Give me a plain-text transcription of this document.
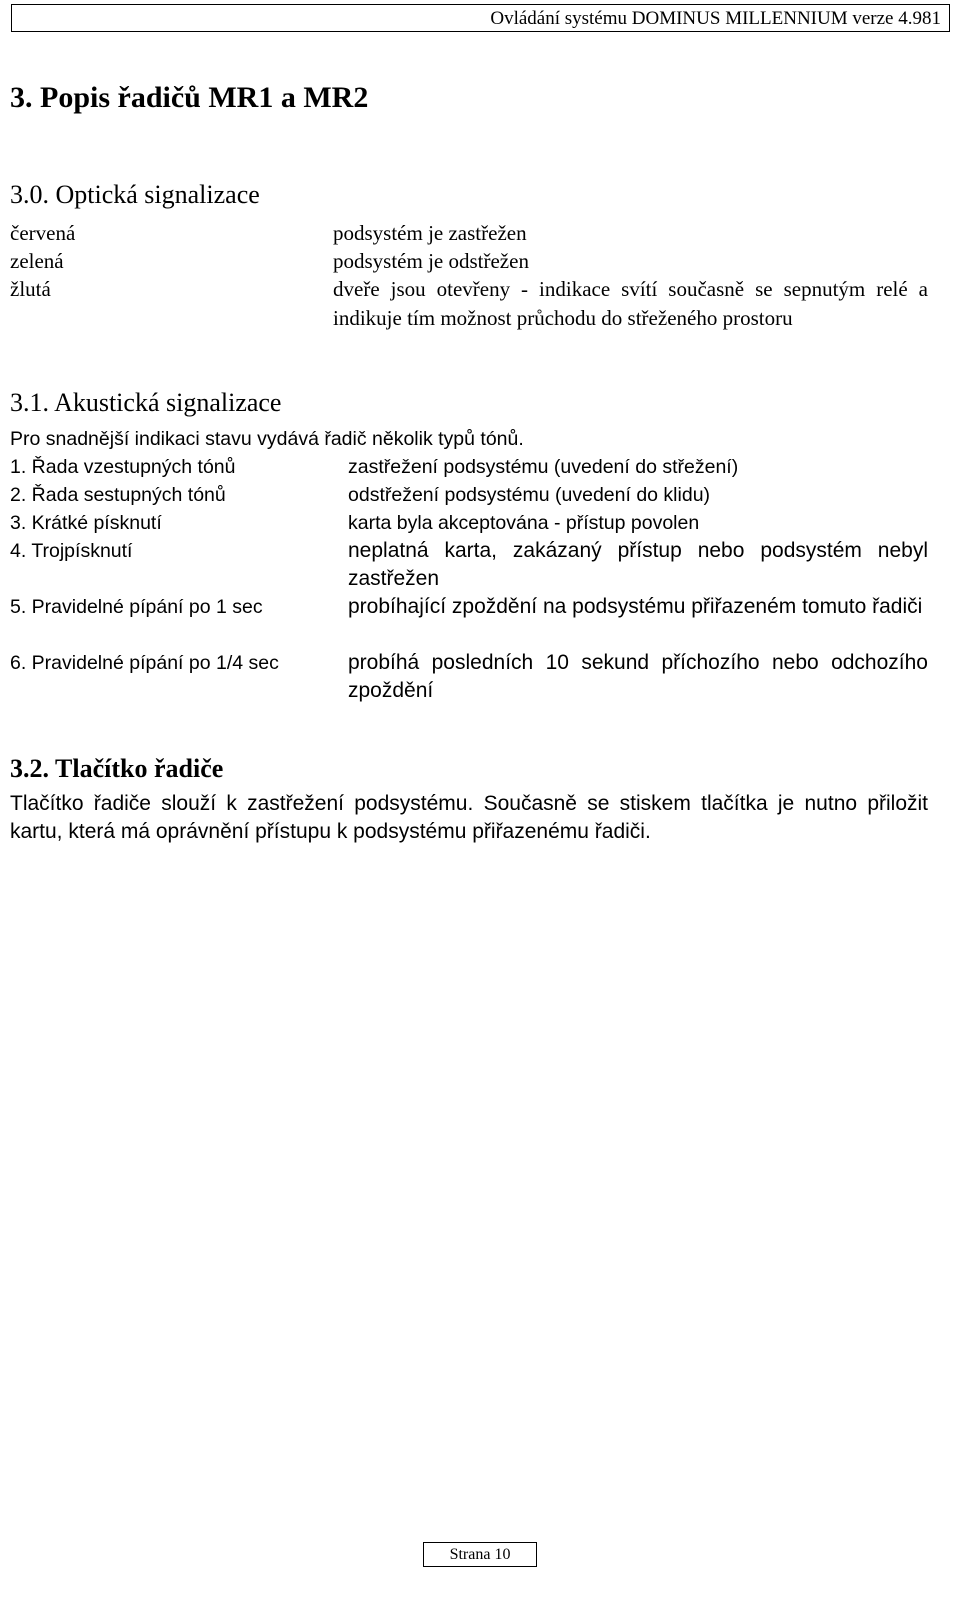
Ovládání systému DOMINUS MILLENNIUM verze 4.981
3. Popis řadičů MR1 a MR2
3.0. Optická signalizace
červená	podsystém je zastřežen
zelená	podsystém je odstřežen
žlutá	dveře jsou otevřeny - indikace svítí současně se sepnutým relé a indikuje tím možnost průchodu do střeženého prostoru
3.1. Akustická signalizace
Pro snadnější indikaci stavu vydává řadič několik typů tónů.
1. Řada vzestupných tónů	zastřežení podsystému (uvedení do střežení)
2. Řada sestupných tónů	odstřežení podsystému (uvedení do klidu)
3. Krátké písknutí	karta byla akceptována - přístup povolen
4. Trojpísknutí	neplatná karta, zakázaný přístup nebo podsystém nebyl zastřežen
5. Pravidelné pípání po 1 sec	probíhající zpoždění na podsystému přiřazeném tomuto řadiči
6. Pravidelné pípání po 1/4 sec	probíhá posledních 10 sekund příchozího nebo odchozího zpoždění
3.2. Tlačítko řadiče
Tlačítko řadiče slouží k zastřežení podsystému. Současně se stiskem tlačítka je nutno přiložit kartu, která má oprávnění přístupu k podsystému přiřazenému řadiči.
Strana 10
